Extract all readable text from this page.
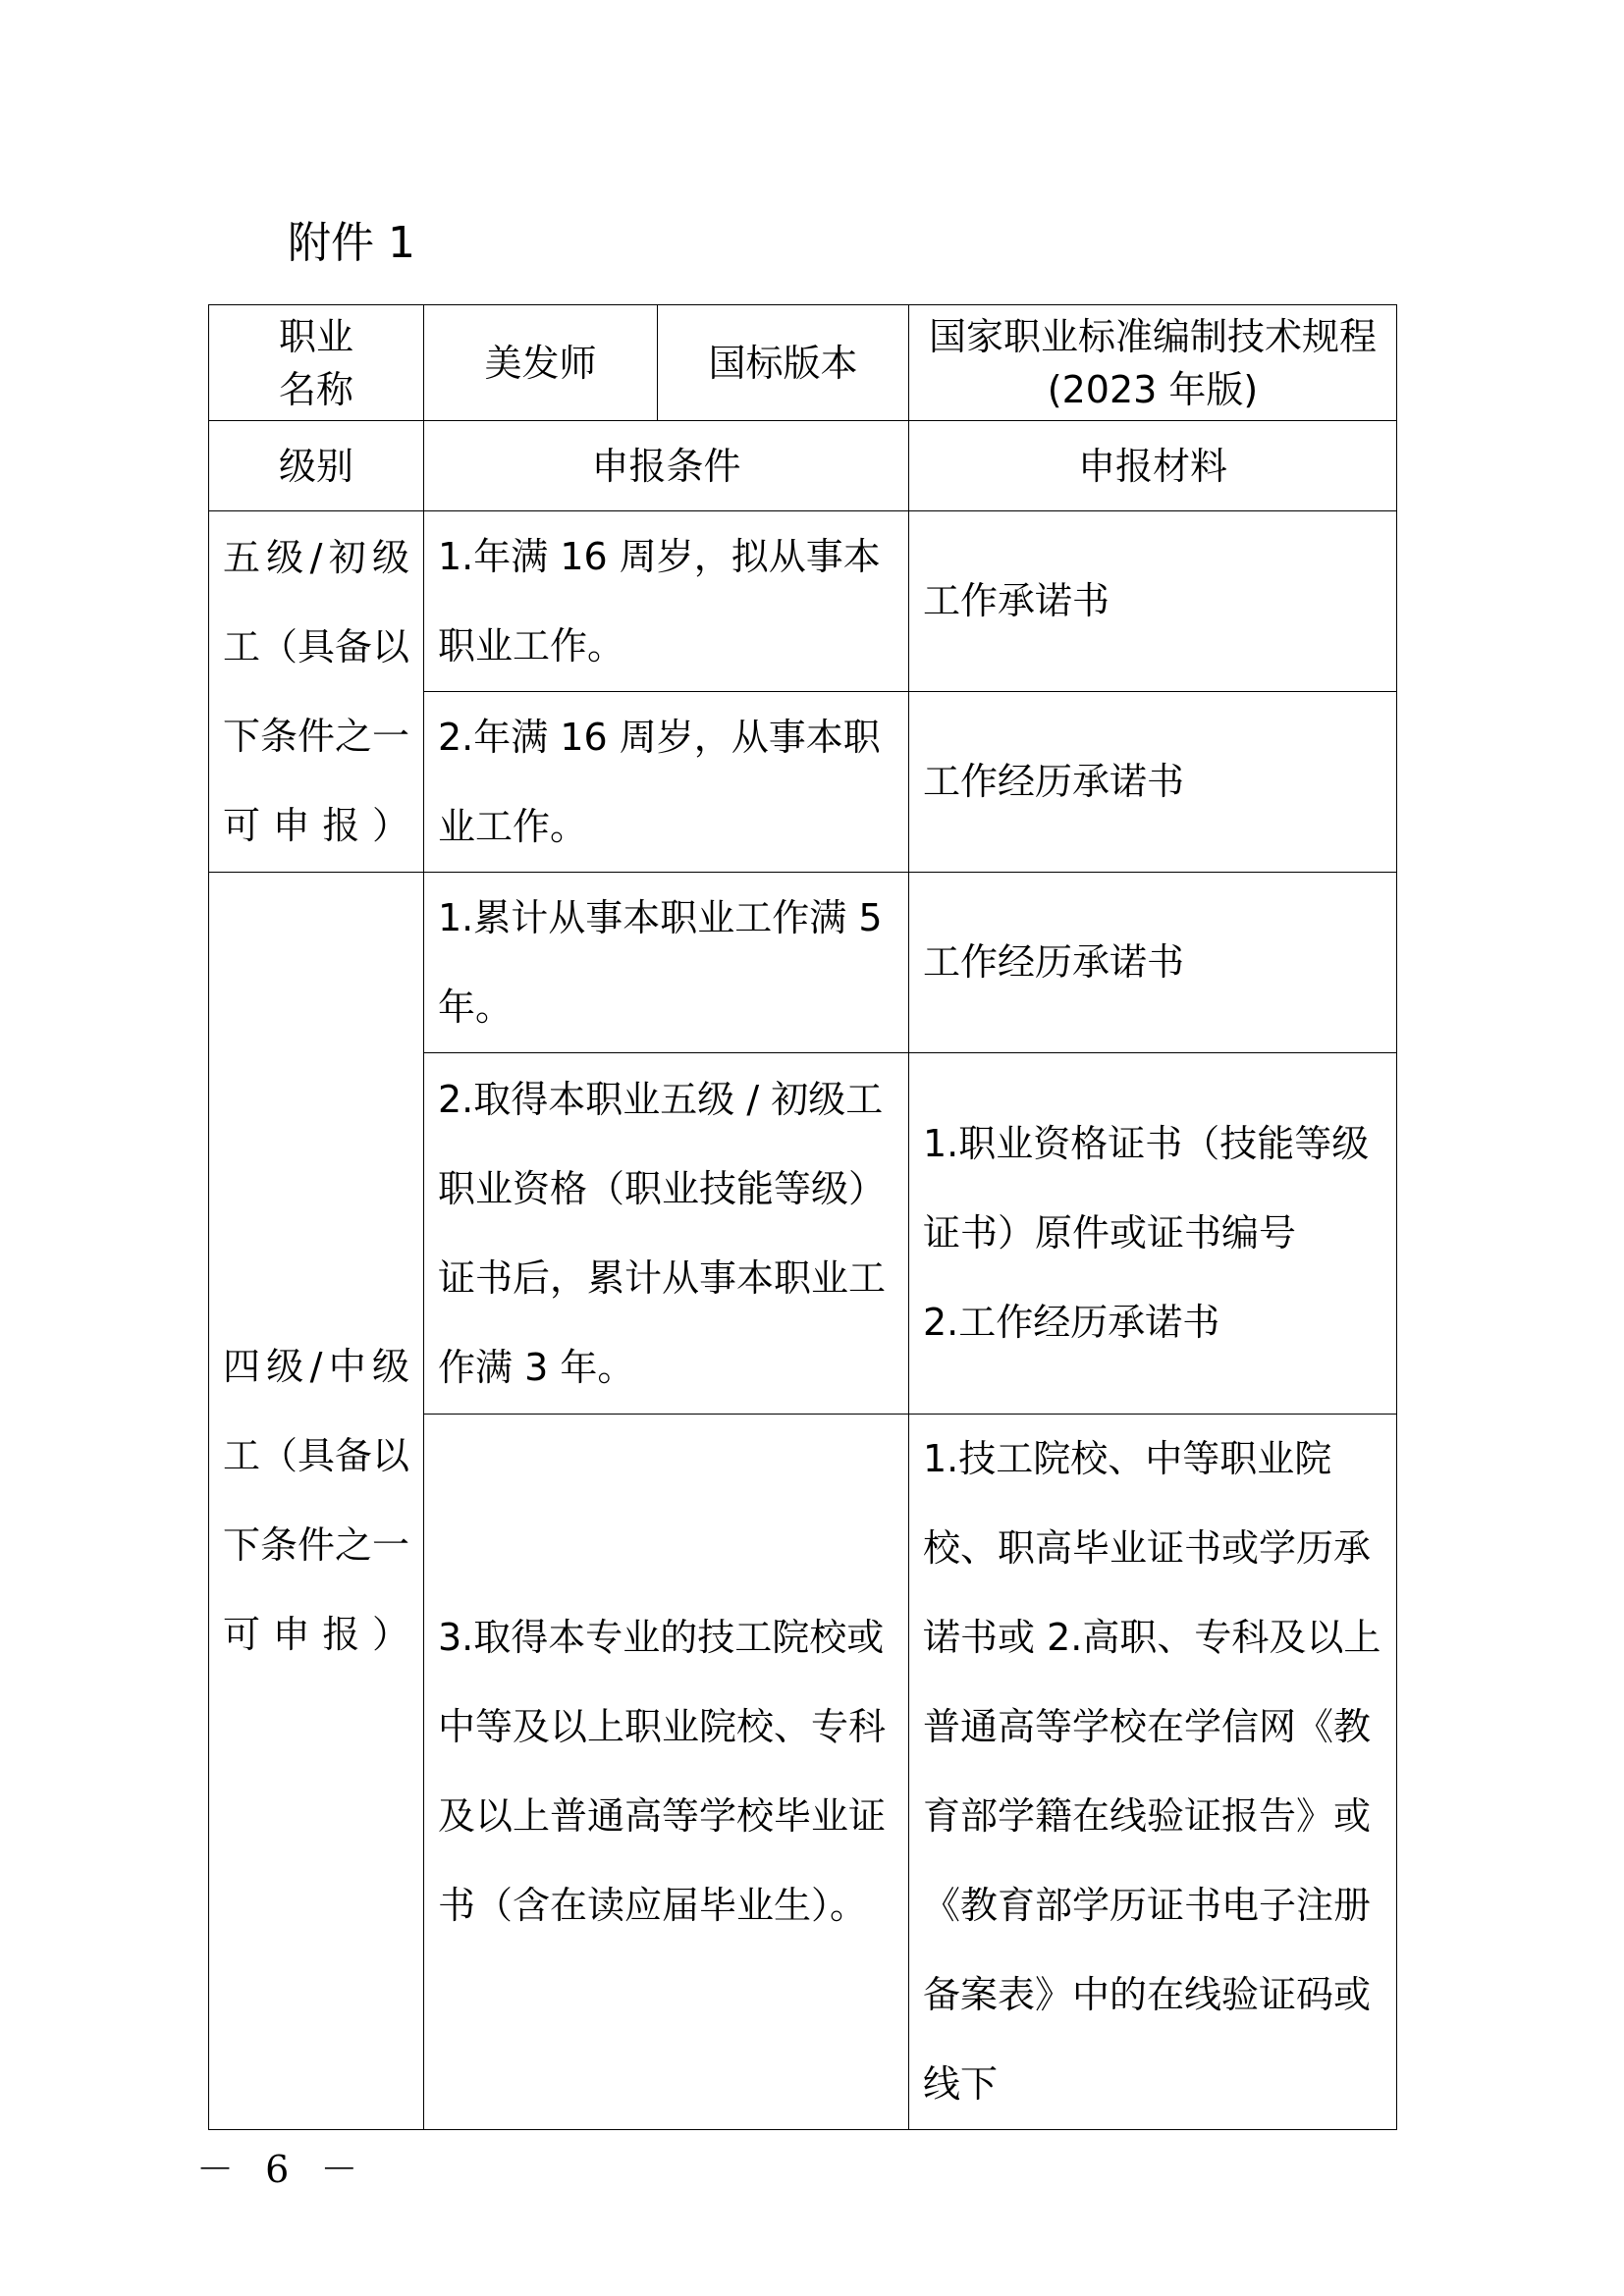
附件 1
职业
名称	美发师	国标版本	国家职业标准编制技术规程
(2023 年版)

级别	申报条件		申报材料
五级/初级工（具备以下条件之一可申报）	1.年满 16 周岁，拟从事本职业工作。		工作承诺书
	2.年满 16 周岁，从事本职业工作。		工作经历承诺书
四级/中级工（具备以下条件之一可申报）	1.累计从事本职业工作满 5 年。		工作经历承诺书
	2.取得本职业五级 / 初级工职业资格（职业技能等级）证书后，累计从事本职业工作满 3 年。		1.职业资格证书（技能等级证书）原件或证书编号
2.工作经历承诺书

	3.取得本专业的技工院校或中等及以上职业院校、专科及以上普通高等学校毕业证书（含在读应届毕业生）。		1.技工院校、中等职业院校、职高毕业证书或学历承诺书或 2.高职、专科及以上普通高等学校在学信网《教育部学籍在线验证报告》或《教育部学历证书电子注册备案表》中的在线验证码或线下
－ 6 －
